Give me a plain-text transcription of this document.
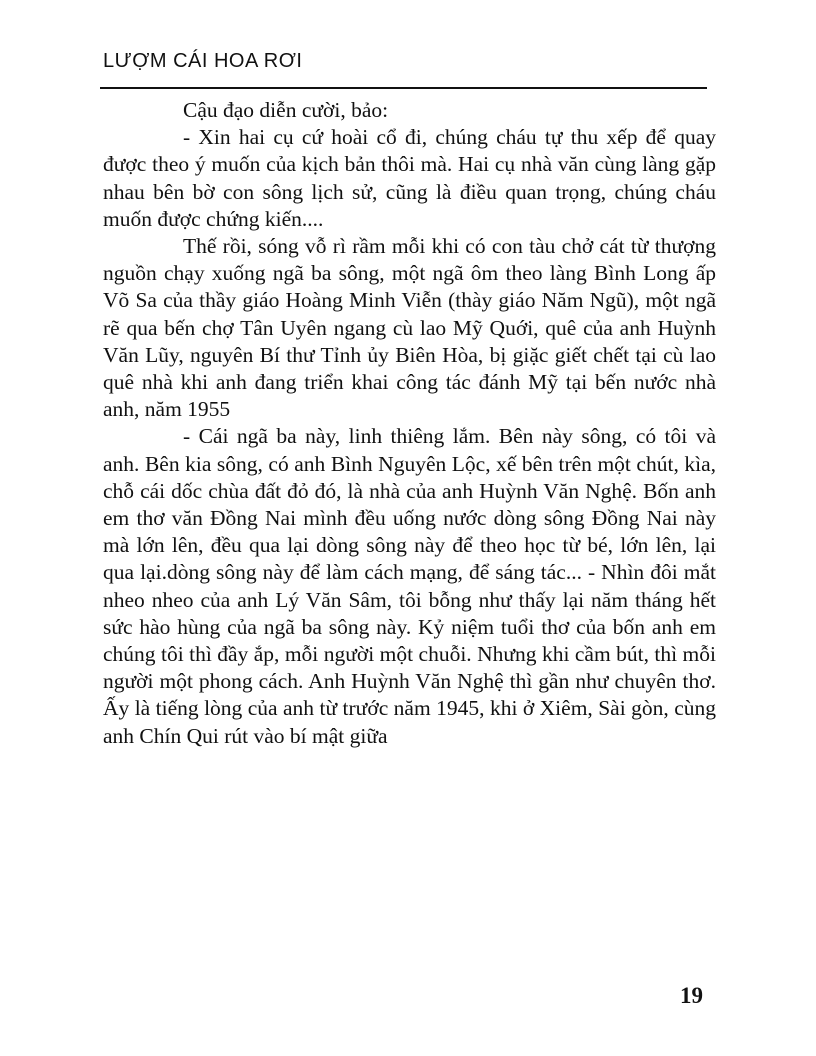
LƯỢM CÁI HOA RƠI

Cậu đạo diễn cười, bảo:

- Xin hai cụ cứ hoài cổ đi, chúng cháu tự thu xếp để quay được theo ý muốn của kịch bản thôi mà. Hai cụ nhà văn cùng làng gặp nhau bên bờ con sông lịch sử, cũng là điều quan trọng, chúng cháu muốn được chứng kiến....

Thế rồi, sóng vỗ rì rầm mỗi khi có con tàu chở cát từ thượng nguồn chạy xuống ngã ba sông, một ngã ôm theo làng Bình Long ấp Võ Sa của thầy giáo Hoàng Minh Viễn (thày giáo Năm Ngũ), một ngã rẽ qua bến chợ Tân Uyên ngang cù lao Mỹ Quới, quê của anh Huỳnh Văn Lũy, nguyên Bí thư Tỉnh ủy Biên Hòa, bị giặc giết chết tại cù lao quê nhà khi anh đang triển khai công tác đánh Mỹ tại bến nước nhà anh, năm 1955

- Cái ngã ba này, linh thiêng lắm. Bên này sông, có tôi và anh. Bên kia sông, có anh Bình Nguyên Lộc, xế bên trên một chút, kìa, chỗ cái dốc chùa đất đỏ đó, là nhà của anh Huỳnh Văn Nghệ. Bốn anh em thơ văn Đồng Nai mình đều uống nước dòng sông Đồng Nai này mà lớn lên, đều qua lại dòng sông này để theo học từ bé, lớn lên, lại qua lại.dòng sông này để làm cách mạng, để sáng tác... - Nhìn đôi mắt nheo nheo của anh Lý Văn Sâm, tôi bỗng như thấy lại năm tháng hết sức hào hùng của ngã ba sông này. Kỷ niệm tuổi thơ của bốn anh em chúng tôi thì đầy ắp, mỗi người một chuỗi. Nhưng khi cầm bút, thì mỗi người một phong cách. Anh Huỳnh Văn Nghệ thì gần như chuyên thơ. Ấy là tiếng lòng của anh từ trước năm 1945, khi ở Xiêm, Sài gòn, cùng anh Chín Qui rút vào bí mật giữa

19
